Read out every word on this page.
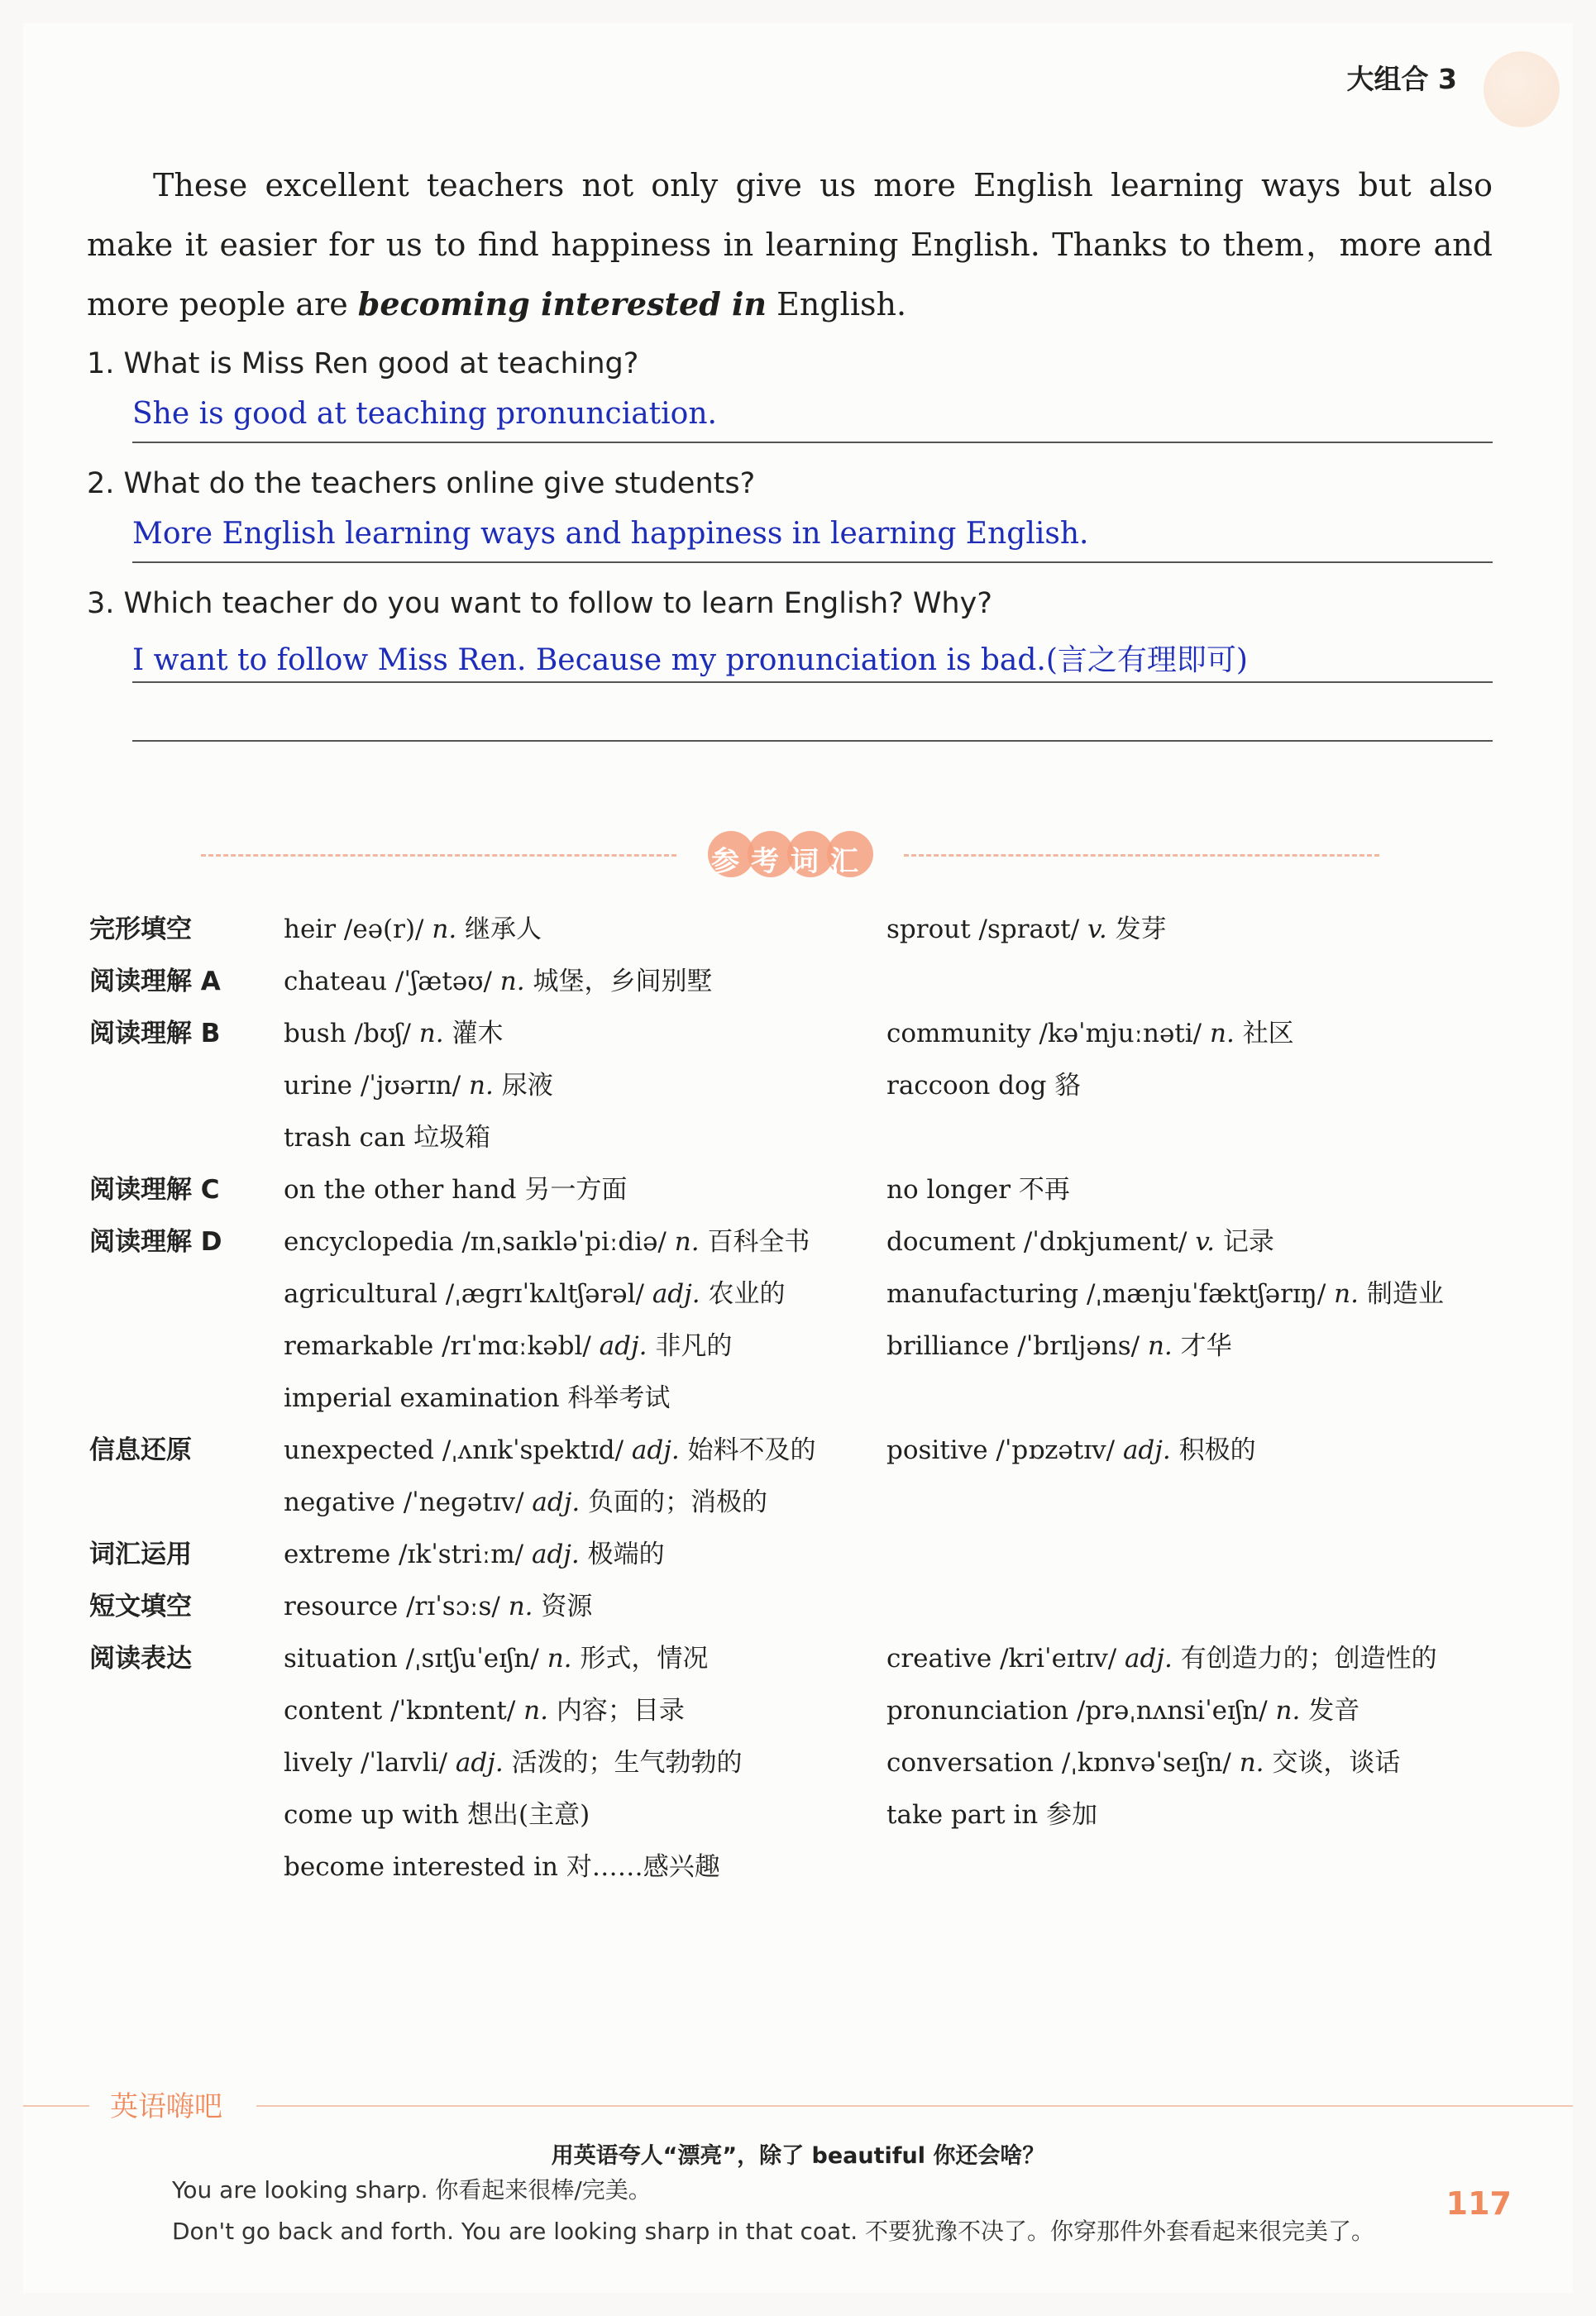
大组合 3
These excellent teachers not only give us more English learning ways but also make it easier for us to find happiness in learning English. Thanks to them，more and more people are becoming interested in English.
1. What is Miss Ren good at teaching?
She is good at teaching pronunciation.
2. What do the teachers online give students?
More English learning ways and happiness in learning English.
3. Which teacher do you want to follow to learn English? Why?
I want to follow Miss Ren. Because my pronunciation is bad.(言之有理即可)
参考词汇
完形填空
阅读理解 A
阅读理解 B
阅读理解 C
阅读理解 D
信息还原
词汇运用
短文填空
阅读表达
heir /eə(r)/ n. 继承人
chateau /ˈʃætəʊ/ n. 城堡，乡间别墅
bush /bʊʃ/ n. 灌木
urine /ˈjʊərɪn/ n. 尿液
trash can 垃圾箱
on the other hand 另一方面
encyclopedia /ɪnˌsaɪkləˈpiːdiə/ n. 百科全书
agricultural /ˌæɡrɪˈkʌltʃərəl/ adj. 农业的
remarkable /rɪˈmɑːkəbl/ adj. 非凡的
imperial examination 科举考试
unexpected /ˌʌnɪkˈspektɪd/ adj. 始料不及的
negative /ˈneɡətɪv/ adj. 负面的；消极的
extreme /ɪkˈstriːm/ adj. 极端的
resource /rɪˈsɔːs/ n. 资源
situation /ˌsɪtʃuˈeɪʃn/ n. 形式，情况
content /ˈkɒntent/ n. 内容；目录
lively /ˈlaɪvli/ adj. 活泼的；生气勃勃的
come up with 想出(主意)
become interested in 对……感兴趣
sprout /spraʊt/ v. 发芽
community /kəˈmjuːnəti/ n. 社区
raccoon dog 貉
no longer 不再
document /ˈdɒkjument/ v. 记录
manufacturing /ˌmænjuˈfæktʃərɪŋ/ n. 制造业
brilliance /ˈbrɪljəns/ n. 才华
positive /ˈpɒzətɪv/ adj. 积极的
creative /kriˈeɪtɪv/ adj. 有创造力的；创造性的
pronunciation /prəˌnʌnsiˈeɪʃn/ n. 发音
conversation /ˌkɒnvəˈseɪʃn/ n. 交谈，谈话
take part in 参加
英语嗨吧
用英语夸人“漂亮”，除了 beautiful 你还会啥？
You are looking sharp. 你看起来很棒/完美。
Don't go back and forth. You are looking sharp in that coat. 不要犹豫不决了。你穿那件外套看起来很完美了。
117
